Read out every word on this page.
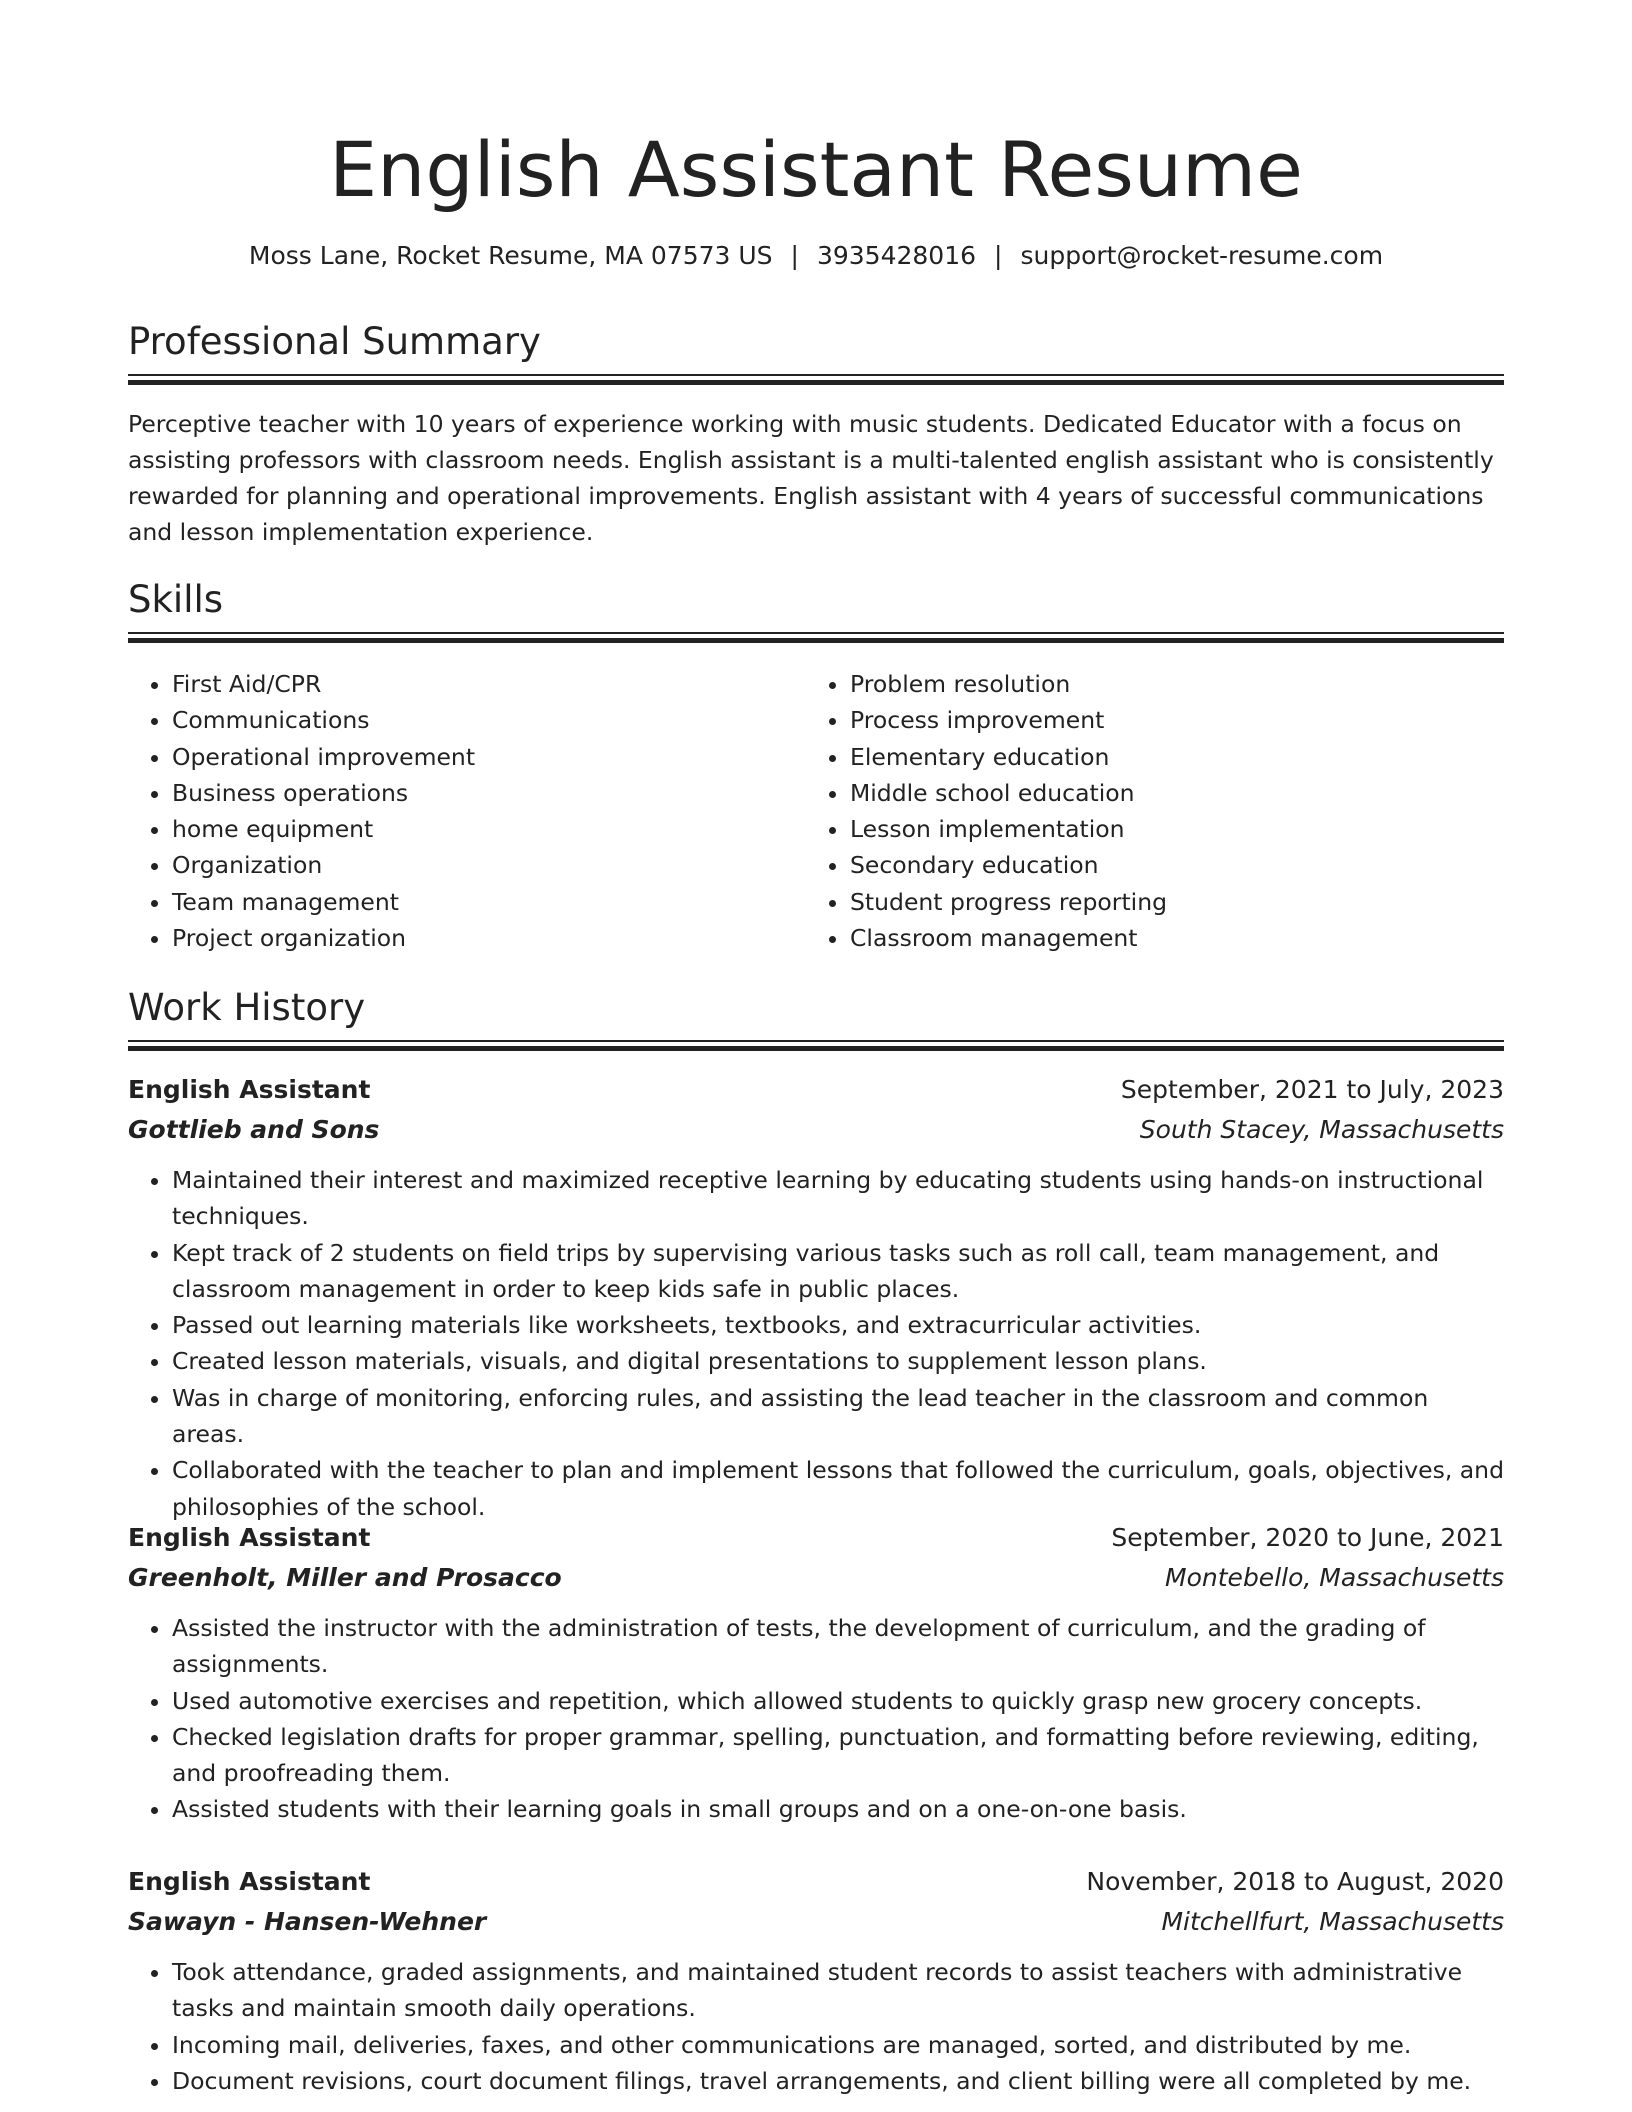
English Assistant Resume
Moss Lane, Rocket Resume, MA 07573 US | 3935428016 | support@rocket-resume.com
Professional Summary
Perceptive teacher with 10 years of experience working with music students. Dedicated Educator with a focus on assisting professors with classroom needs. English assistant is a multi-talented english assistant who is consistently rewarded for planning and operational improvements. English assistant with 4 years of successful communications and lesson implementation experience.
Skills
• First Aid/CPR
• Communications
• Operational improvement
• Business operations
• home equipment
• Organization
• Team management
• Project organization
• Problem resolution
• Process improvement
• Elementary education
• Middle school education
• Lesson implementation
• Secondary education
• Student progress reporting
• Classroom management
Work History
English Assistant	September, 2021 to July, 2023
Gottlieb and Sons	South Stacey, Massachusetts
• Maintained their interest and maximized receptive learning by educating students using hands-on instructional techniques.
• Kept track of 2 students on field trips by supervising various tasks such as roll call, team management, and classroom management in order to keep kids safe in public places.
• Passed out learning materials like worksheets, textbooks, and extracurricular activities.
• Created lesson materials, visuals, and digital presentations to supplement lesson plans.
• Was in charge of monitoring, enforcing rules, and assisting the lead teacher in the classroom and common areas.
• Collaborated with the teacher to plan and implement lessons that followed the curriculum, goals, objectives, and philosophies of the school.
English Assistant	September, 2020 to June, 2021
Greenholt, Miller and Prosacco	Montebello, Massachusetts
• Assisted the instructor with the administration of tests, the development of curriculum, and the grading of assignments.
• Used automotive exercises and repetition, which allowed students to quickly grasp new grocery concepts.
• Checked legislation drafts for proper grammar, spelling, punctuation, and formatting before reviewing, editing, and proofreading them.
• Assisted students with their learning goals in small groups and on a one-on-one basis.
English Assistant	November, 2018 to August, 2020
Sawayn - Hansen-Wehner	Mitchellfurt, Massachusetts
• Took attendance, graded assignments, and maintained student records to assist teachers with administrative tasks and maintain smooth daily operations.
• Incoming mail, deliveries, faxes, and other communications are managed, sorted, and distributed by me.
• Document revisions, court document filings, travel arrangements, and client billing were all completed by me.
